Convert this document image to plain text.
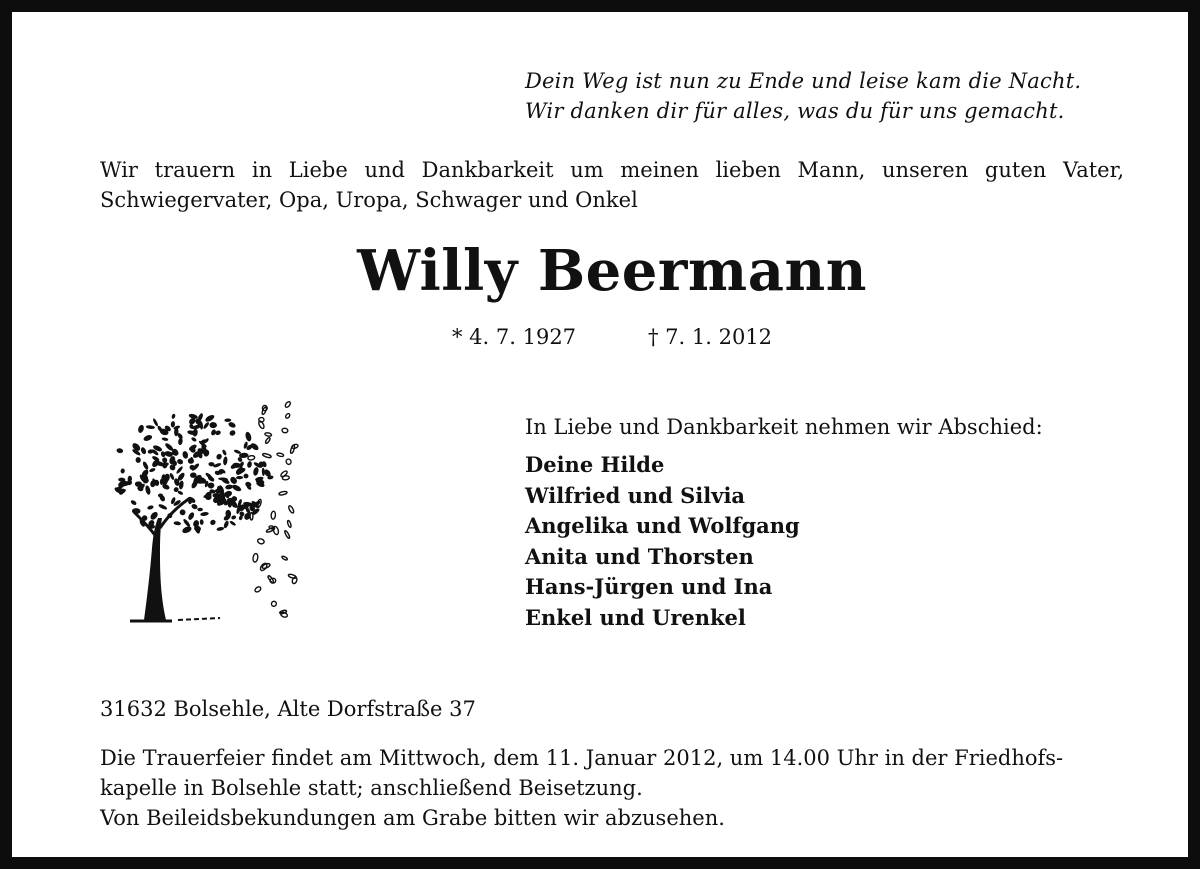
Dein Weg ist nun zu Ende und leise kam die Nacht.
Wir danken dir für alles, was du für uns gemacht.
Wir trauern in Liebe und Dankbarkeit um meinen lieben Mann, unseren guten Vater,
Schwiegervater, Opa, Uropa, Schwager und Onkel
Willy Beermann
* 4. 7. 1927	† 7. 1. 2012
In Liebe und Dankbarkeit nehmen wir Abschied:
Deine Hilde
Wilfried und Silvia
Angelika und Wolfgang
Anita und Thorsten
Hans-Jürgen und Ina
Enkel und Urenkel
31632 Bolsehle, Alte Dorfstraße 37
Die Trauerfeier findet am Mittwoch, dem 11. Januar 2012, um 14.00 Uhr in der Friedhofs-
kapelle in Bolsehle statt; anschließend Beisetzung.
Von Beileidsbekundungen am Grabe bitten wir abzusehen.
